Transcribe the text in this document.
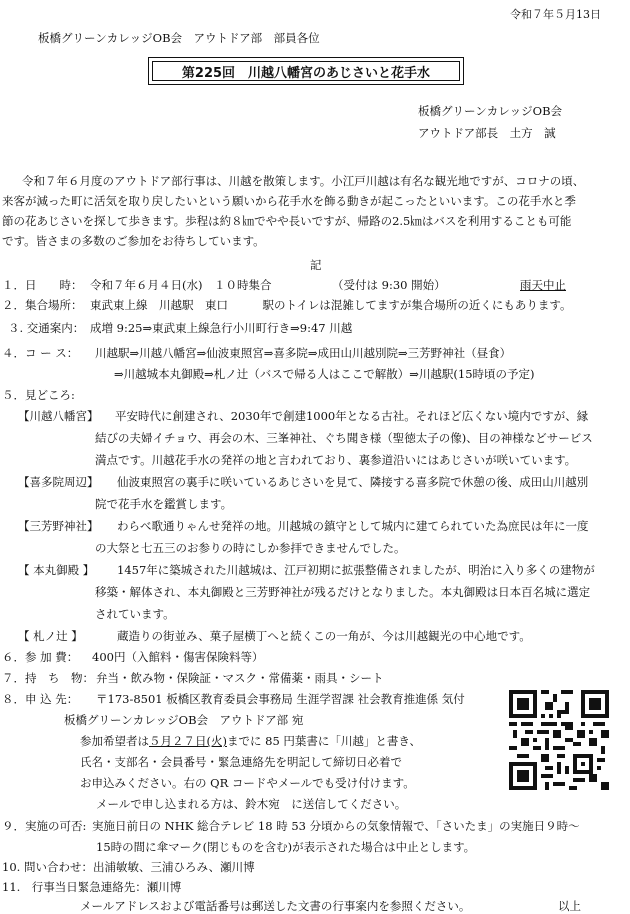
令和７年５月13日
板橋グリーンカレッジOB会　アウトドア部　部員各位
第225回　川越八幡宮のあじさいと花手水
板橋グリーンカレッジOB会
アウトドア部長　土方　誠
令和７年６月度のアウトドア部行事は、川越を散策します。小江戸川越は有名な観光地ですが、コロナの頃、
来客が減った町に活気を取り戻したいという願いから花手水を飾る動きが起こったといいます。この花手水と季
節の花あじさいを探して歩きます。歩程は約８㎞でやや長いですが、帰路の2.5㎞はバスを利用することも可能
です。皆さまの多数のご参加をお待ちしています。
記
１．日　　時： 令和７年６月４日(水)　１０時集合	（受付は 9:30 開始）	雨天中止
２．集合場所： 東武東上線　川越駅　東口　　　駅のトイレは混雑してますが集合場所の近くにもあります。
３. 交通案内： 成増 9:25⇒東武東上線急行小川町行き⇒9:47 川越
４．コ ー ス： 川越駅⇒川越八幡宮⇒仙波東照宮⇒喜多院⇒成田山川越別院⇒三芳野神社（昼食）
⇒川越城本丸御殿⇒札ノ辻（バスで帰る人はここで解散）⇒川越駅(15時頃の予定)
５．見どころ:
【川越八幡宮】 平安時代に創建され、2030年で創建1000年となる古社。それほど広くない境内ですが、縁
結びの夫婦イチョウ、再会の木、三峯神社、ぐち聞き様（聖徳太子の像)、目の神様などサービス
満点です。川越花手水の発祥の地と言われており、裏参道沿いにはあじさいが咲いています。
【喜多院周辺】 仙波東照宮の裏手に咲いているあじさいを見て、隣接する喜多院で休憩の後、成田山川越別
院で花手水を鑑賞します。
【三芳野神社】 わらべ歌通りゃんせ発祥の地。川越城の鎮守として城内に建てられていた為庶民は年に一度
の大祭と七五三のお参りの時にしか参拝できませんでした。
【 本丸御殿 】 1457年に築城された川越城は、江戸初期に拡張整備されましたが、明治に入り多くの建物が
移築・解体され、本丸御殿と三芳野神社が残るだけとなりました。本丸御殿は日本百名城に選定
されています。
【 札ノ辻 】	蔵造りの街並み、菓子屋横丁へと続くこの一角が、今は川越観光の中心地です。
６．参 加 費： 400円（入館料・傷害保険料等）
７．持　ち　物： 弁当・飲み物・保険証・マスク・常備薬・雨具・シート
８．申 込 先： 〒173-8501 板橋区教育委員会事務局 生涯学習課 社会教育推進係 気付
板橋グリーンカレッジOB会　アウトドア部 宛
参加希望者は５月２７日(火)までに 85 円葉書に「川越」と書き、
氏名・支部名・会員番号・緊急連絡先を明記して締切日必着で
お申込みください。右の QR コードやメールでも受け付けます。
メールで申し込まれる方は、鈴木宛　に送信してください。
９．実施の可否: 実施日前日の NHK 総合テレビ 18 時 53 分頃からの気象情報で、「さいたま」の実施日９時～
15時の間に傘マーク(閉じものを含む)が表示された場合は中止とします。
10. 問い合わせ：出浦敏敏、三浦ひろみ、瀬川博
11.　行事当日緊急連絡先：瀬川博
メールアドレスおよび電話番号は郵送した文書の行事案内を参照ください。	以上
